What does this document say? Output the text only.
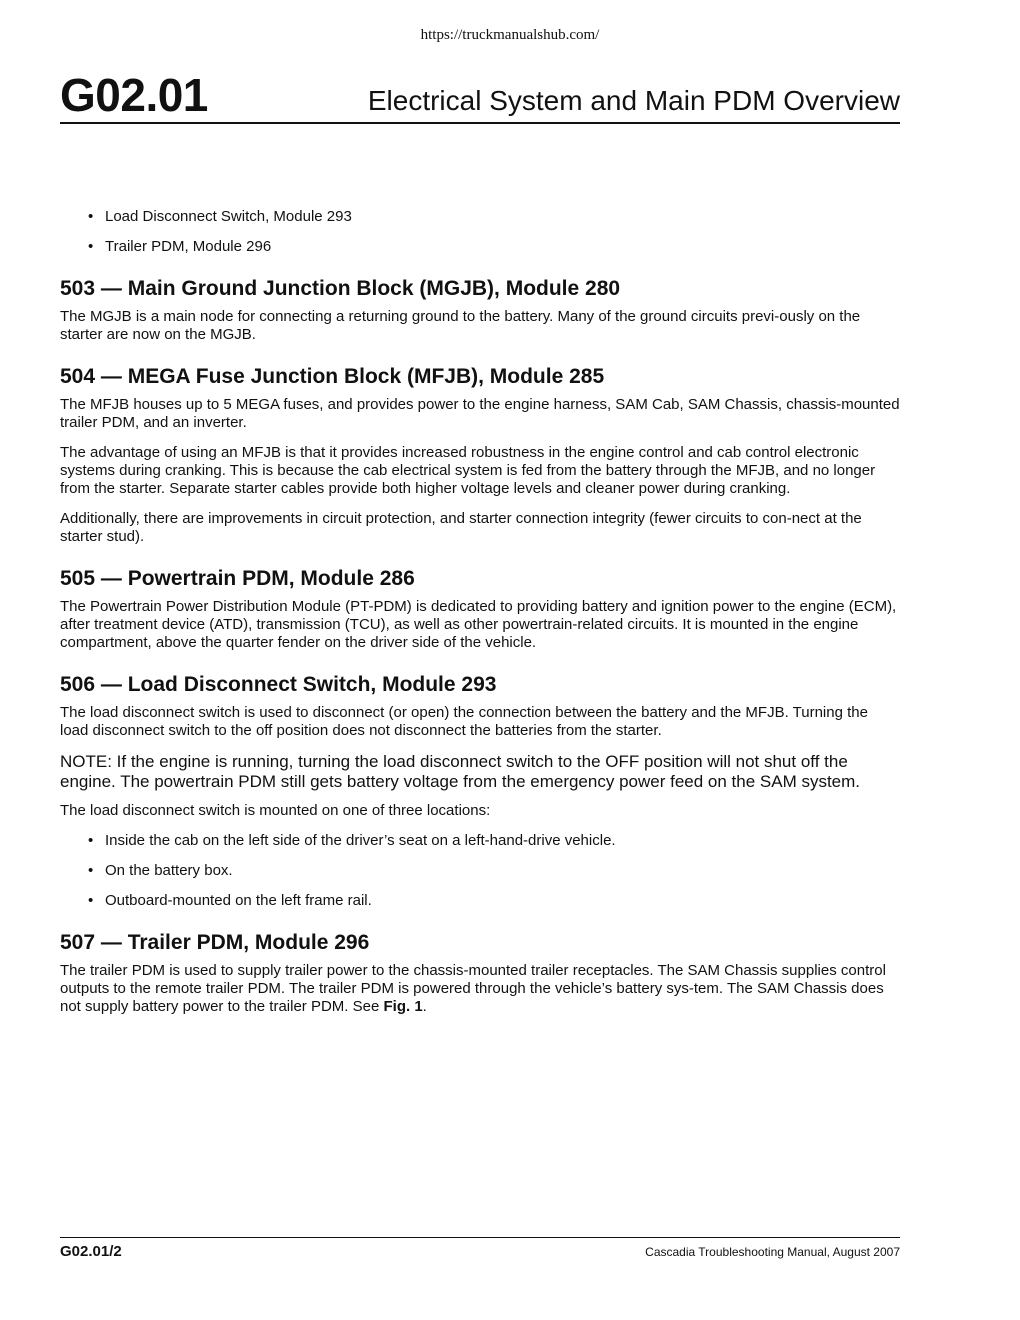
https://truckmanualshub.com/
G02.01	Electrical System and Main PDM Overview
• Load Disconnect Switch, Module 293
• Trailer PDM, Module 296
503 — Main Ground Junction Block (MGJB), Module 280

The MGJB is a main node for connecting a returning ground to the battery. Many of the ground circuits previ-ously on the starter are now on the MGJB.

504 — MEGA Fuse Junction Block (MFJB), Module 285

The MFJB houses up to 5 MEGA fuses, and provides power to the engine harness, SAM Cab, SAM Chassis, chassis-mounted trailer PDM, and an inverter.

The advantage of using an MFJB is that it provides increased robustness in the engine control and cab control electronic systems during cranking. This is because the cab electrical system is fed from the battery through the MFJB, and no longer from the starter. Separate starter cables provide both higher voltage levels and cleaner power during cranking.

Additionally, there are improvements in circuit protection, and starter connection integrity (fewer circuits to con-nect at the starter stud).

505 — Powertrain PDM, Module 286

The Powertrain Power Distribution Module (PT-PDM) is dedicated to providing battery and ignition power to the engine (ECM), after treatment device (ATD), transmission (TCU), as well as other powertrain-related circuits. It is mounted in the engine compartment, above the quarter fender on the driver side of the vehicle.

506 — Load Disconnect Switch, Module 293

The load disconnect switch is used to disconnect (or open) the connection between the battery and the MFJB. Turning the load disconnect switch to the off position does not disconnect the batteries from the starter.

NOTE: If the engine is running, turning the load disconnect switch to the OFF position will not shut off the engine. The powertrain PDM still gets battery voltage from the emergency power feed on the SAM system.

The load disconnect switch is mounted on one of three locations:

• Inside the cab on the left side of the driver’s seat on a left-hand-drive vehicle.
• On the battery box.
• Outboard-mounted on the left frame rail.
507 — Trailer PDM, Module 296

The trailer PDM is used to supply trailer power to the chassis-mounted trailer receptacles. The SAM Chassis supplies control outputs to the remote trailer PDM. The trailer PDM is powered through the vehicle’s battery sys-tem. The SAM Chassis does not supply battery power to the trailer PDM. See Fig. 1.

G02.01/2	Cascadia Troubleshooting Manual, August 2007
